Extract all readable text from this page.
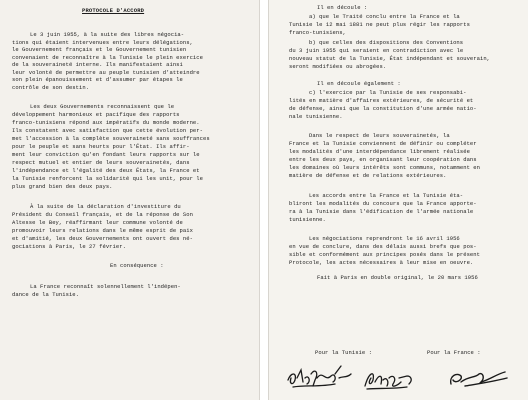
PROTOCOLE D'ACCORD

Le 3 juin 1955, à la suite des libres négocia-

tions qui étaient intervenues entre leurs délégations,

le Gouvernement français et le Gouvernement tunisien

convenaient de reconnaître à la Tunisie le plein exercice

de la souveraineté interne. Ils manifestaient ainsi

leur volonté de permettre au peuple tunisien d'atteindre

son plein épanouissement et d'assumer par étapes le

contrôle de son destin.

Les deux Gouvernements reconnaissent que le

développement harmonieux et pacifique des rapports

franco-tunisiens répond aux impératifs du monde moderne.

Ils constatent avec satisfaction que cette évolution per-

met l'accession à la complète souveraineté sans souffrances

pour le peuple et sans heurts pour l'État. Ils affir-

ment leur conviction qu'en fondant leurs rapports sur le

respect mutuel et entier de leurs souverainetés, dans

l'indépendance et l'égalité des deux États, la France et

la Tunisie renforcent la solidarité qui les unit, pour le

plus grand bien des deux pays.

À la suite de la déclaration d'investiture du

Président du Conseil français, et de la réponse de Son

Altesse le Bey, réaffirmant leur commune volonté de

promouvoir leurs relations dans le même esprit de paix

et d'amitié, les deux Gouvernements ont ouvert des né-

gociations à Paris, le 27 février.

En conséquence :

La France reconnaît solennellement l'indépen-

dance de la Tunisie.

Il en découle :

a) que le Traité conclu entre la France et la

Tunisie le 12 mai 1881 ne peut plus régir les rapports

franco-tunisiens,

b) que celles des dispositions des Conventions

du 3 juin 1955 qui seraient en contradiction avec le

nouveau statut de la Tunisie, État indépendant et souverain,

seront modifiées ou abrogées.

Il en découle également :

c) l'exercice par la Tunisie de ses responsabi-

lités en matière d'affaires extérieures, de sécurité et

de défense, ainsi que la constitution d'une armée natio-

nale tunisienne.

Dans le respect de leurs souverainetés, la

France et la Tunisie conviennent de définir ou compléter

les modalités d'une interdépendance librement réalisée

entre les deux pays, en organisant leur coopération dans

les domaines où leurs intérêts sont communs, notamment en

matière de défense et de relations extérieures.

Les accords entre la France et la Tunisie éta-

bliront les modalités du concours que la France apporte-

ra à la Tunisie dans l'édification de l'armée nationale

tunisienne.

Les négociations reprendront le 16 avril 1956

en vue de conclure, dans des délais aussi brefs que pos-

sible et conformément aux principes posés dans le présent

Protocole, les actes nécessaires à leur mise en oeuvre.

Fait à Paris en double original, le 20 mars 1956

Pour la Tunisie :	Pour la France :
